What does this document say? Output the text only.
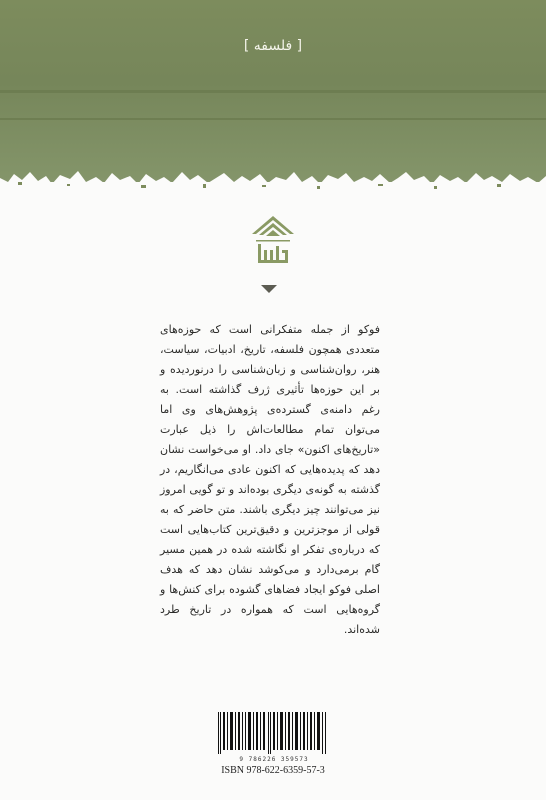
[ فلسفه ]

فوکو از جمله متفکرانی است که حوزه‌های متعددی همچون فلسفه، تاریخ، ادبیات، سیاست، هنر، روان‌شناسی و زبان‌شناسی را درنوردیده و بر این حوزه‌ها تأثیری ژرف گذاشته است. به رغم دامنه‌ی گسترده‌ی پژوهش‌های وی اما می‌توان تمام مطالعات‌اش را ذیل عبارت «تاریخ‌های اکنون» جای داد. او می‌خواست نشان دهد که پدیده‌هایی که اکنون عادی می‌انگاریم، در گذشته به گونه‌ی دیگری بوده‌اند و تو گویی امروز نیز می‌توانند چیز دیگری باشند. متن حاضر که به قولی از موجزترین و دقیق‌ترین کتاب‌هایی است که درباره‌ی تفکر او نگاشته شده در همین مسیر گام برمی‌دارد و می‌کوشد نشان دهد که هدف اصلی فوکو ایجاد فضاهای گشوده برای کنش‌ها و گروه‌هایی است که همواره در تاریخ طرد شده‌اند.

9 786226 359573
ISBN 978-622-6359-57-3
